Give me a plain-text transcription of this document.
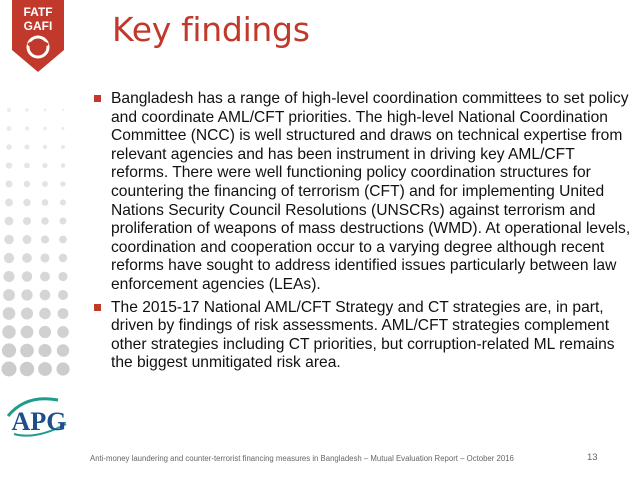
FATF
GAFI
APG
Key findings
Bangladesh has a range of high-level coordination committees to set policy and coordinate AML/CFT priorities. The high-level National Coordination Committee (NCC) is well structured and draws on technical expertise from relevant agencies and has been instrument in driving key AML/CFT reforms. There were well functioning policy coordination structures for countering the financing of terrorism (CFT) and for implementing United Nations Security Council Resolutions (UNSCRs) against terrorism and proliferation of weapons of mass destructions (WMD). At operational levels, coordination and cooperation occur to a varying degree although recent reforms have sought to address identified issues particularly between law enforcement agencies (LEAs).
The 2015-17 National AML/CFT Strategy and CT strategies are, in part, driven by findings of risk assessments. AML/CFT strategies complement other strategies including CT priorities, but corruption-related ML remains the biggest unmitigated risk area.
Anti-money laundering and counter-terrorist financing measures in Bangladesh – Mutual Evaluation Report – October 2016	13
